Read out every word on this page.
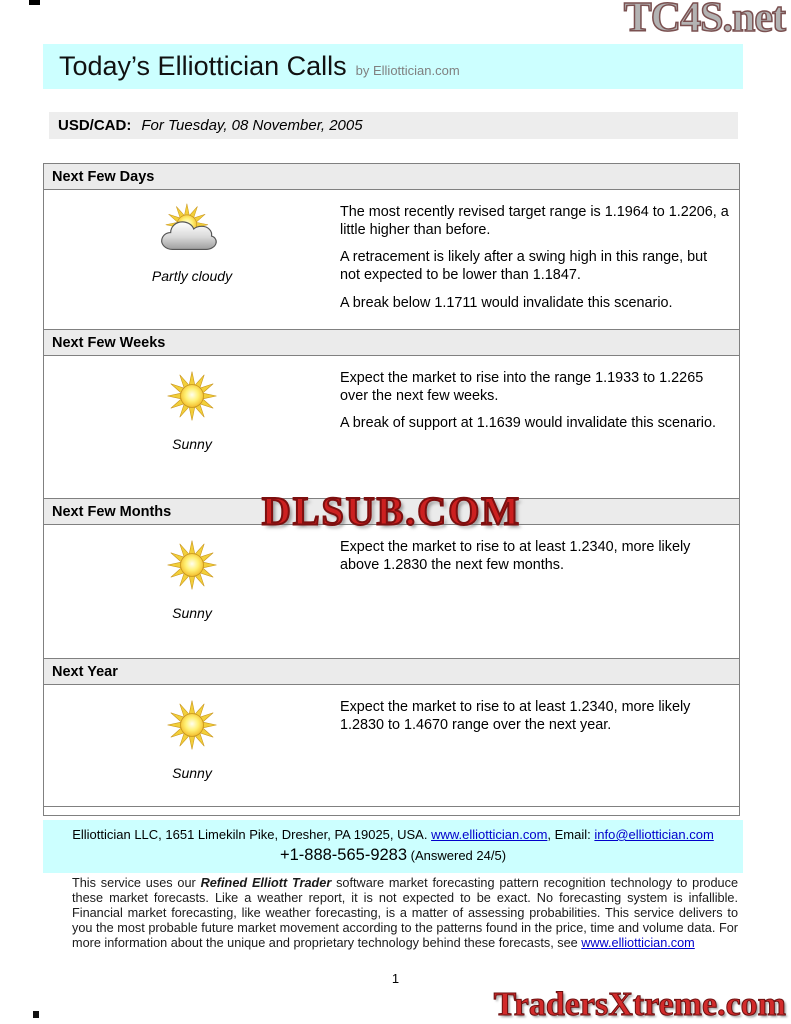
TC4S.net
Today’s Elliottician Calls by Elliottician.com
USD/CAD: For Tuesday, 08 November, 2005
Next Few Days
Partly cloudy

The most recently revised target range is 1.1964 to 1.2206, a little higher than before.

A retracement is likely after a swing high in this range, but not expected to be lower than 1.1847.

A break below 1.1711 would invalidate this scenario.

Next Few Weeks
Sunny

Expect the market to rise into the range 1.1933 to 1.2265 over the next few weeks.

A break of support at 1.1639 would invalidate this scenario.

Next Few Months DLSUB.COM
Sunny

Expect the market to rise to at least 1.2340, more likely above 1.2830 the next few months.

Next Year
Sunny

Expect the market to rise to at least 1.2340, more likely 1.2830 to 1.4670 range over the next year.

Elliottician LLC, 1651 Limekiln Pike, Dresher, PA 19025, USA. www.elliottician.com, Email: info@elliottician.com
+1-888-565-9283 (Answered 24/5)
This service uses our Refined Elliott Trader software market forecasting pattern recognition technology to produce these market forecasts. Like a weather report, it is not expected to be exact. No forecasting system is infallible. Financial market forecasting, like weather forecasting, is a matter of assessing probabilities. This service delivers to you the most probable future market movement according to the patterns found in the price, time and volume data. For more information about the unique and proprietary technology behind these forecasts, see www.elliottician.com
1
TradersXtreme.com
